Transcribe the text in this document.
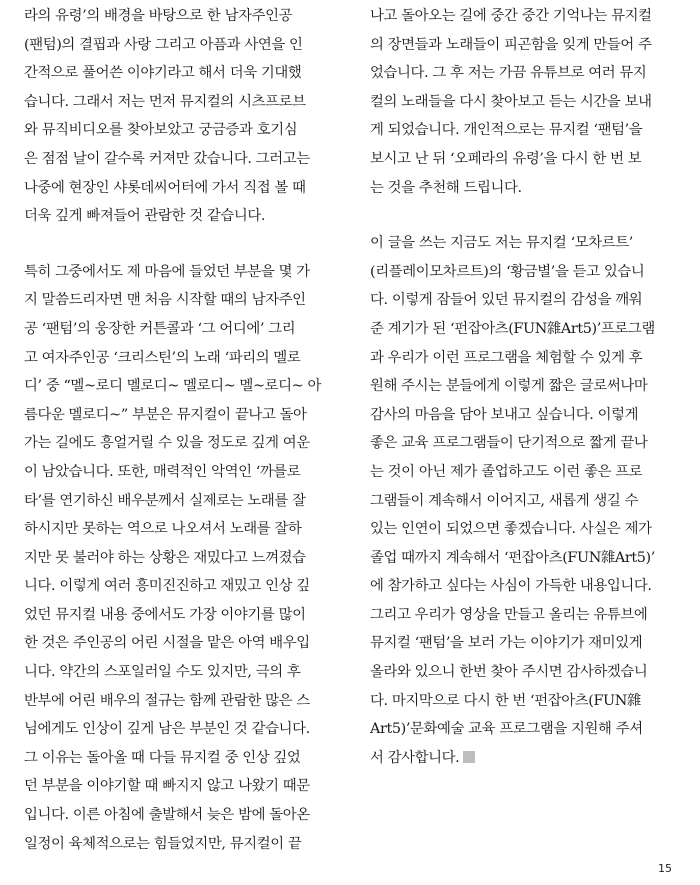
라의 유령’의 배경을 바탕으로 한 남자주인공
(팬텀)의 결핍과 사랑 그리고 아픔과 사연을 인
간적으로 풀어쓴 이야기라고 해서 더욱 기대했
습니다. 그래서 저는 먼저 뮤지컬의 시츠프로브
와 뮤직비디오를 찾아보았고 궁금증과 호기심
은 점점 날이 갈수록 커져만 갔습니다. 그러고는
나중에 현장인 샤롯데씨어터에 가서 직접 볼 때
더욱 깊게 빠져들어 관람한 것 같습니다.
특히 그중에서도 제 마음에 들었던 부분을 몇 가
지 말씀드리자면 맨 처음 시작할 때의 남자주인
공 ‘팬텀’의 웅장한 커튼콜과 ‘그 어디에’ 그리
고 여자주인공 ‘크리스틴’의 노래 ‘파리의 멜로
디’ 중 “멜~로디 멜로디~ 멜로디~ 멜~로디~ 아
름다운 멜로디~” 부분은 뮤지컬이 끝나고 돌아
가는 길에도 흥얼거릴 수 있을 정도로 깊게 여운
이 남았습니다. 또한, 매력적인 악역인 ‘까를로
타’를 연기하신 배우분께서 실제로는 노래를 잘
하시지만 못하는 역으로 나오셔서 노래를 잘하
지만 못 불러야 하는 상황은 재밌다고 느껴졌습
니다. 이렇게 여러 흥미진진하고 재밌고 인상 깊
었던 뮤지컬 내용 중에서도 가장 이야기를 많이
한 것은 주인공의 어린 시절을 맡은 아역 배우입
니다. 약간의 스포일러일 수도 있지만, 극의 후
반부에 어린 배우의 절규는 함께 관람한 많은 스
님에게도 인상이 깊게 남은 부분인 것 같습니다.
그 이유는 돌아올 때 다들 뮤지컬 중 인상 깊었
던 부분을 이야기할 때 빠지지 않고 나왔기 때문
입니다. 이른 아침에 출발해서 늦은 밤에 돌아온
일정이 육체적으로는 힘들었지만, 뮤지컬이 끝
나고 돌아오는 길에 중간 중간 기억나는 뮤지컬
의 장면들과 노래들이 피곤함을 잊게 만들어 주
었습니다. 그 후 저는 가끔 유튜브로 여러 뮤지
컬의 노래들을 다시 찾아보고 듣는 시간을 보내
게 되었습니다. 개인적으로는 뮤지컬 ‘팬텀’을
보시고 난 뒤 ‘오페라의 유령’을 다시 한 번 보
는 것을 추천해 드립니다.
이 글을 쓰는 지금도 저는 뮤지컬 ‘모차르트’
(리플레이모차르트)의 ‘황금별’을 듣고 있습니
다. 이렇게 잠들어 있던 뮤지컬의 감성을 깨워
준 계기가 된 ‘펀잡아츠(FUN雜Art5)’프로그램
과 우리가 이런 프로그램을 체험할 수 있게 후
원해 주시는 분들에게 이렇게 짧은 글로써나마
감사의 마음을 담아 보내고 싶습니다. 이렇게
좋은 교육 프로그램들이 단기적으로 짧게 끝나
는 것이 아닌 제가 졸업하고도 이런 좋은 프로
그램들이 계속해서 이어지고, 새롭게 생길 수
있는 인연이 되었으면 좋겠습니다. 사실은 제가
졸업 때까지 계속해서 ‘펀잡아츠(FUN雜Art5)’
에 참가하고 싶다는 사심이 가득한 내용입니다.
그리고 우리가 영상을 만들고 올리는 유튜브에
뮤지컬 ‘팬텀’을 보러 가는 이야기가 재미있게
올라와 있으니 한번 찾아 주시면 감사하겠습니
다. 마지막으로 다시 한 번 ‘펀잡아츠(FUN雜
Art5)’문화예술 교육 프로그램을 지원해 주셔
서 감사합니다.
15
